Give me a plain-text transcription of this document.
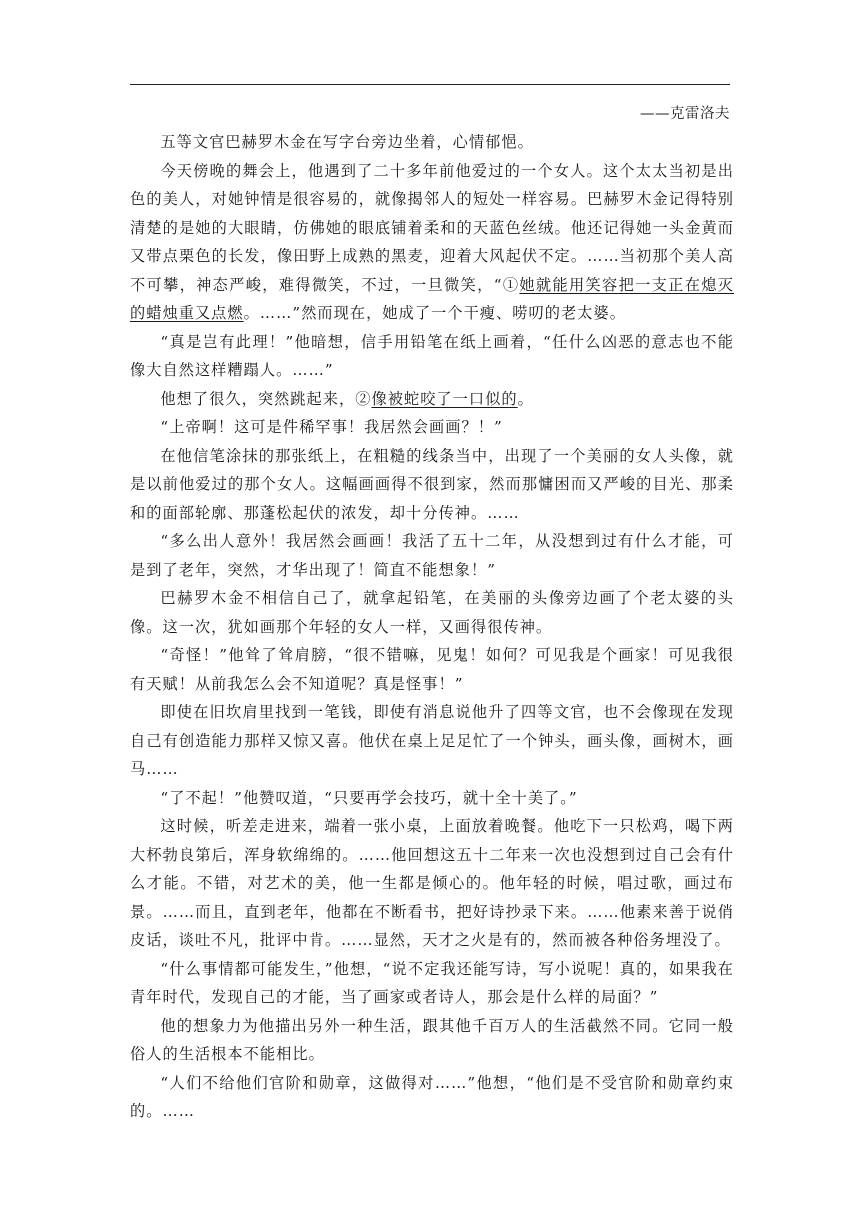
——克雷洛夫

五等文官巴赫罗木金在写字台旁边坐着，心情郁悒。

今天傍晚的舞会上，他遇到了二十多年前他爱过的一个女人。这个太太当初是出色的美人，对她钟情是很容易的，就像揭邻人的短处一样容易。巴赫罗木金记得特别清楚的是她的大眼睛，仿佛她的眼底铺着柔和的天蓝色丝绒。他还记得她一头金黄而又带点栗色的长发，像田野上成熟的黑麦，迎着大风起伏不定。……当初那个美人高不可攀，神态严峻，难得微笑，不过，一旦微笑，“①她就能用笑容把一支正在熄灭的蜡烛重又点燃。……”然而现在，她成了一个干瘦、唠叨的老太婆。

“真是岂有此理！”他暗想，信手用铅笔在纸上画着，“任什么凶恶的意志也不能像大自然这样糟蹋人。……”

他想了很久，突然跳起来，②像被蛇咬了一口似的。

“上帝啊！这可是件稀罕事！我居然会画画？！”

在他信笔涂抹的那张纸上，在粗糙的线条当中，出现了一个美丽的女人头像，就是以前他爱过的那个女人。这幅画画得不很到家，然而那慵困而又严峻的目光、那柔和的面部轮廓、那蓬松起伏的浓发，却十分传神。……

“多么出人意外！我居然会画画！我活了五十二年，从没想到过有什么才能，可是到了老年，突然，才华出现了！简直不能想象！”

巴赫罗木金不相信自己了，就拿起铅笔，在美丽的头像旁边画了个老太婆的头像。这一次，犹如画那个年轻的女人一样，又画得很传神。

“奇怪！”他耸了耸肩膀，“很不错嘛，见鬼！如何？可见我是个画家！可见我很有天赋！从前我怎么会不知道呢？真是怪事！”

即使在旧坎肩里找到一笔钱，即使有消息说他升了四等文官，也不会像现在发现自己有创造能力那样又惊又喜。他伏在桌上足足忙了一个钟头，画头像，画树木，画马……

“了不起！”他赞叹道，“只要再学会技巧，就十全十美了。”

这时候，听差走进来，端着一张小桌，上面放着晚餐。他吃下一只松鸡，喝下两大杯勃良第后，浑身软绵绵的。……他回想这五十二年来一次也没想到过自己会有什么才能。不错，对艺术的美，他一生都是倾心的。他年轻的时候，唱过歌，画过布景。……而且，直到老年，他都在不断看书，把好诗抄录下来。……他素来善于说俏皮话，谈吐不凡，批评中肯。……显然，天才之火是有的，然而被各种俗务埋没了。

“什么事情都可能发生，”他想，“说不定我还能写诗，写小说呢！真的，如果我在青年时代，发现自己的才能，当了画家或者诗人，那会是什么样的局面？”

他的想象力为他描出另外一种生活，跟其他千百万人的生活截然不同。它同一般俗人的生活根本不能相比。

“人们不给他们官阶和勋章，这做得对……”他想，“他们是不受官阶和勋章约束的。……
